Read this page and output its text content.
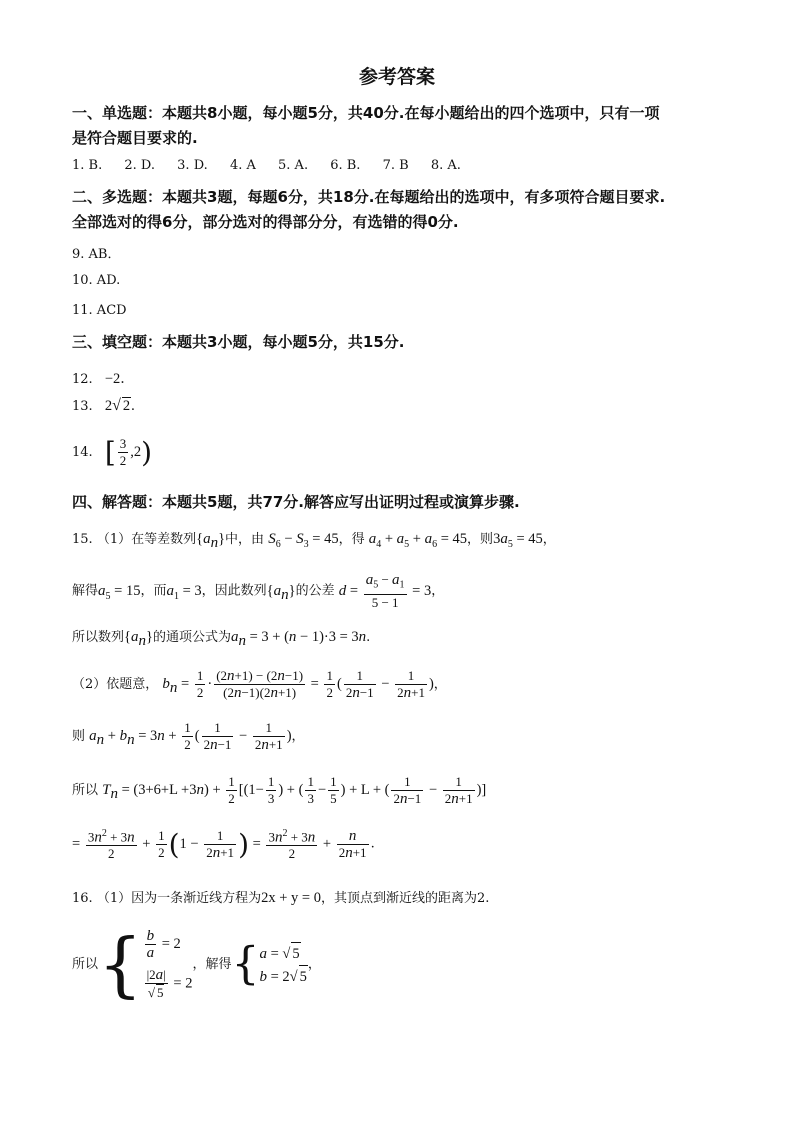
参考答案
一、单选题：本题共8小题，每小题5分，共40分.在每小题给出的四个选项中，只有一项
是符合题目要求的.
1. B. 2. D. 3. D. 4. A 5. A. 6. B. 7. B 8. A.
二、多选题：本题共3题，每题6分，共18分.在每题给出的选项中，有多项符合题目要求.
全部选对的得6分，部分选对的得部分分，有选错的得0分.
9. AB．
10. AD.
11. ACD
三、填空题：本题共3小题，每小题5分，共15分.
12. −2．
13. 2√ 2.
14. [ $\frac{3}{2} ,2$)
四、解答题：本题共5题，共77分.解答应写出证明过程或演算步骤.
15. （1）在等差数列$\{a_n\}$中，由 $S_6 - S_3 = 45$，得 $a_4 + a_5 + a_6 = 45$，则$3a_5 = 45$，
解得$a_5 = 15$，而$a_1 = 3$，因此数列$\{a_n\}$的公差 $d = \frac{a_5 - a_1}{5 - 1} = 3$，
所以数列$\{a_n\}$的通项公式为$a_n = 3 + (n - 1)\cdot 3 = 3n$.
（2）依题意， $b_n = \frac{1}{2} \cdot \frac{(2n+1) - (2n-1)}{(2n-1)(2n+1)} = \frac{1}{2}$ ( $\frac{1}{2n-1} - \frac{1}{2n+1}$ )，
则 $a_n + b_n = 3n + \frac{1}{2}$ ( $\frac{1}{2n-1} - \frac{1}{2n+1}$ )，
所以 $T_n = (3+6+L +3n) + \frac{1}{2} [(1- \frac{1}{3}$ ) + ( $\frac{1}{3} - \frac{1}{5}$ ) + L + ( $\frac{1}{2n-1} - \frac{1}{2n+1}$ )]
= $\frac{3n^2 + 3n}{2} + \frac{1}{2} (1 - \frac{1}{2n+1}$ ) = $\frac{3n^2 + 3n}{2} + \frac{n}{2n+1}$ .
16. （1）因为一条渐近线方程为2x + y = 0，其顶点到渐近线的距离为2.
所以{ $\frac{b}{a} = 2$
$\frac{|2a|}{√ 5} = 2$
，解得{ a = √ 5
b = 2√ 5
，
